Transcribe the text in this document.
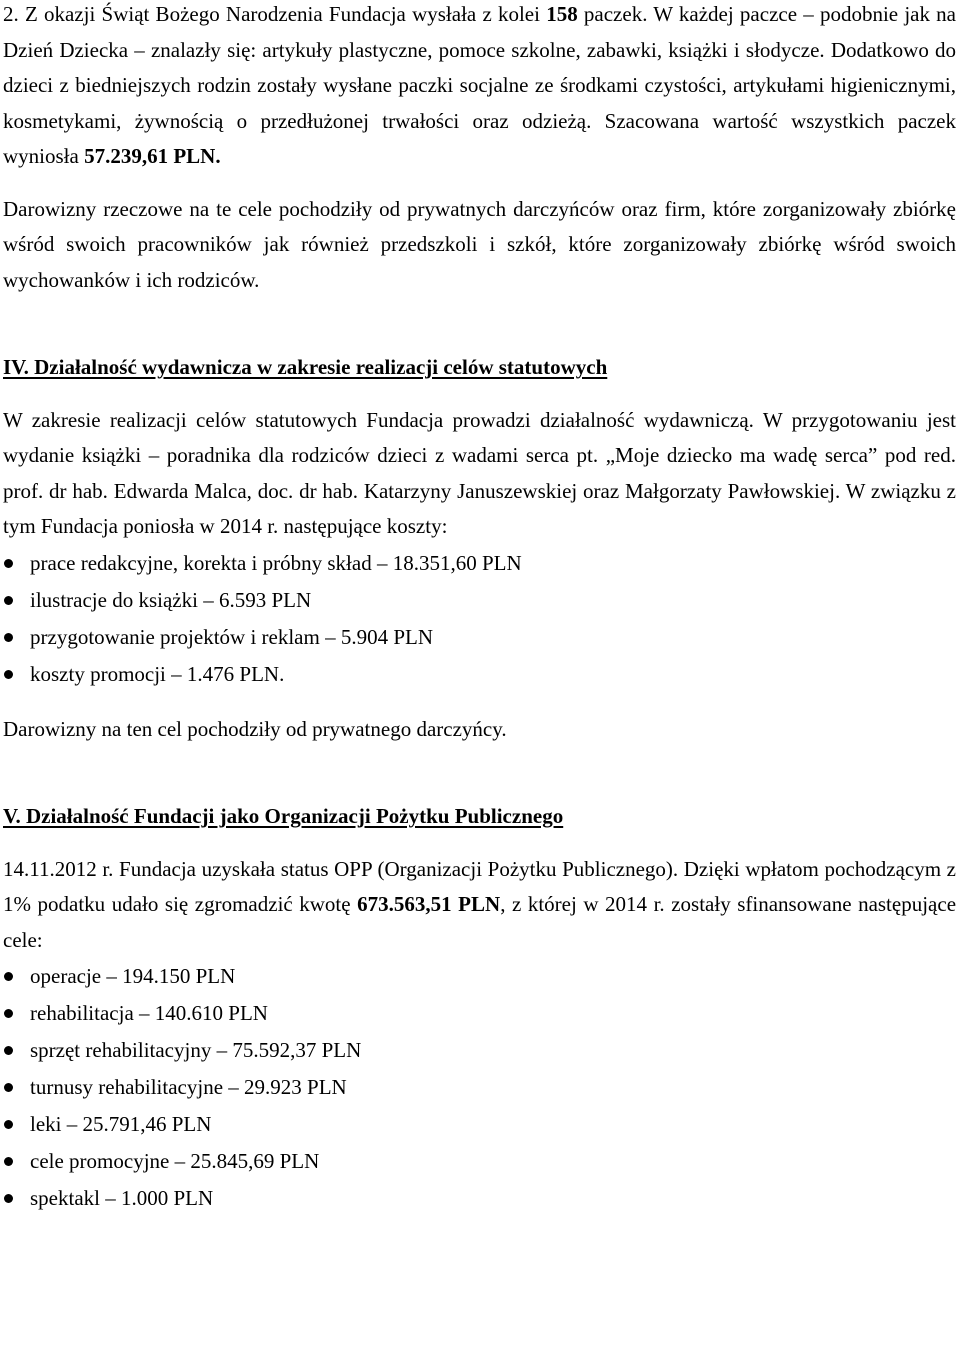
2. Z okazji Świąt Bożego Narodzenia Fundacja wysłała z kolei 158 paczek. W każdej paczce – podobnie jak na Dzień Dziecka – znalazły się: artykuły plastyczne, pomoce szkolne, zabawki, książki i słodycze. Dodatkowo do dzieci z biedniejszych rodzin zostały wysłane paczki socjalne ze środkami czystości, artykułami higienicznymi, kosmetykami, żywnością o przedłużonej trwałości oraz odzieżą. Szacowana wartość wszystkich paczek wyniosła 57.239,61 PLN.

Darowizny rzeczowe na te cele pochodziły od prywatnych darczyńców oraz firm, które zorganizowały zbiórkę wśród swoich pracowników jak również przedszkoli i szkół, które zorganizowały zbiórkę wśród swoich wychowanków i ich rodziców.

IV. Działalność wydawnicza w zakresie realizacji celów statutowych

W zakresie realizacji celów statutowych Fundacja prowadzi działalność wydawniczą. W przygotowaniu jest wydanie książki – poradnika dla rodziców dzieci z wadami serca pt. „Moje dziecko ma wadę serca” pod red. prof. dr hab. Edwarda Malca, doc. dr hab. Katarzyny Januszewskiej oraz Małgorzaty Pawłowskiej. W związku z tym Fundacja poniosła w 2014 r. następujące koszty:

prace redakcyjne, korekta i próbny skład – 18.351,60 PLN
ilustracje do książki – 6.593 PLN
przygotowanie projektów i reklam – 5.904 PLN
koszty promocji – 1.476 PLN.

Darowizny na ten cel pochodziły od prywatnego darczyńcy.

V. Działalność Fundacji jako Organizacji Pożytku Publicznego

14.11.2012 r. Fundacja uzyskała status OPP (Organizacji Pożytku Publicznego). Dzięki wpłatom pochodzącym z 1% podatku udało się zgromadzić kwotę 673.563,51 PLN, z której w 2014 r. zostały sfinansowane następujące cele:

operacje – 194.150 PLN
rehabilitacja – 140.610 PLN
sprzęt rehabilitacyjny – 75.592,37 PLN
turnusy rehabilitacyjne – 29.923 PLN
leki – 25.791,46 PLN
cele promocyjne – 25.845,69 PLN
spektakl – 1.000 PLN
